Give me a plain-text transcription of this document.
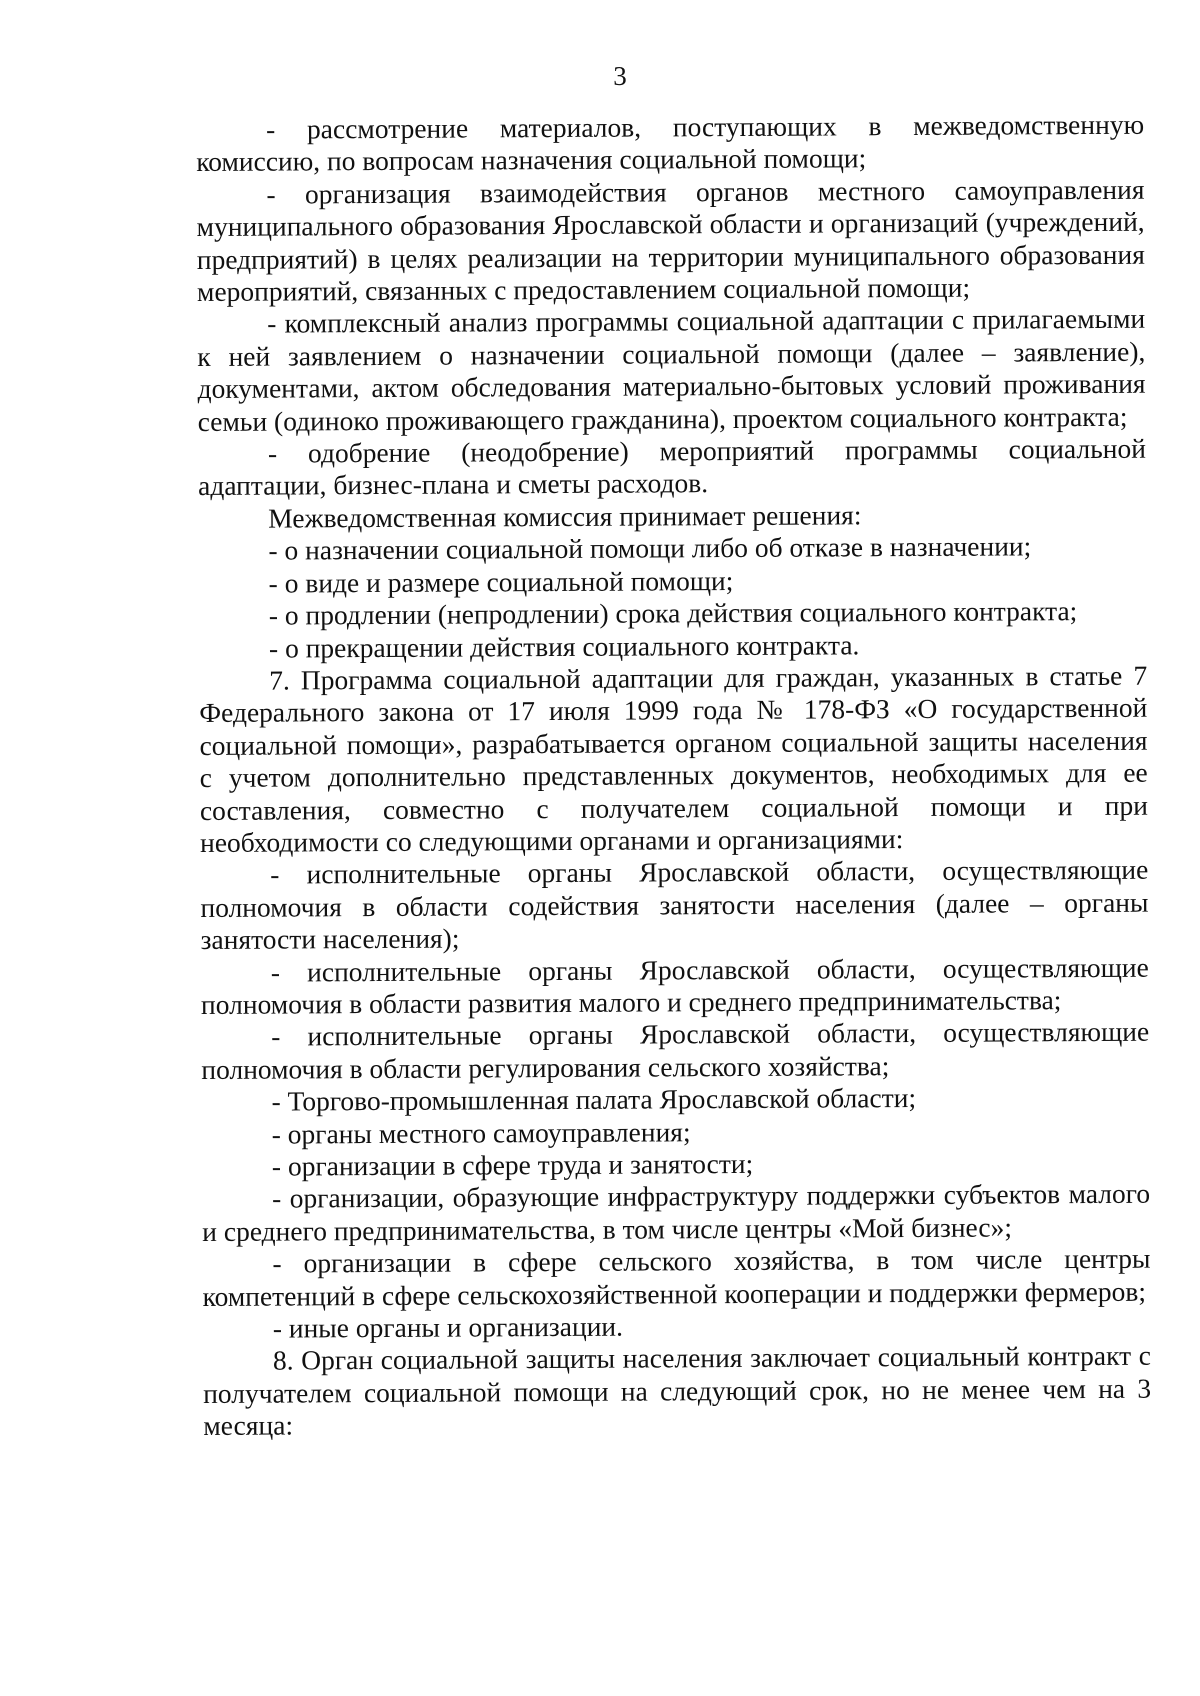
3

- рассмотрение материалов, поступающих в межведомственную комиссию, по вопросам назначения социальной помощи;

- организация взаимодействия органов местного самоуправления муниципального образования Ярославской области и организаций (учреждений, предприятий) в целях реализации на территории муниципального образования мероприятий, связанных с предоставлением социальной помощи;

- комплексный анализ программы социальной адаптации с прилагаемыми к ней заявлением о назначении социальной помощи (далее – заявление), документами, актом обследования материально-бытовых условий проживания семьи (одиноко проживающего гражданина), проектом социального контракта;

- одобрение (неодобрение) мероприятий программы социальной адаптации, бизнес-плана и сметы расходов.

Межведомственная комиссия принимает решения:

- о назначении социальной помощи либо об отказе в назначении;

- о виде и размере социальной помощи;

- о продлении (непродлении) срока действия социального контракта;

- о прекращении действия социального контракта.

7. Программа социальной адаптации для граждан, указанных в статье 7 Федерального закона от 17 июля 1999 года № 178-ФЗ «О государственной социальной помощи», разрабатывается органом социальной защиты населения с учетом дополнительно представленных документов, необходимых для ее составления, совместно с получателем социальной помощи и при необходимости со следующими органами и организациями:

- исполнительные органы Ярославской области, осуществляющие полномочия в области содействия занятости населения (далее – органы занятости населения);

- исполнительные органы Ярославской области, осуществляющие полномочия в области развития малого и среднего предпринимательства;

- исполнительные органы Ярославской области, осуществляющие полномочия в области регулирования сельского хозяйства;

- Торгово-промышленная палата Ярославской области;

- органы местного самоуправления;

- организации в сфере труда и занятости;

- организации, образующие инфраструктуру поддержки субъектов малого и среднего предпринимательства, в том числе центры «Мой бизнес»;

- организации в сфере сельского хозяйства, в том числе центры компетенций в сфере сельскохозяйственной кооперации и поддержки фермеров;

- иные органы и организации.

8. Орган социальной защиты населения заключает социальный контракт с получателем социальной помощи на следующий срок, но не менее чем на 3 месяца:
